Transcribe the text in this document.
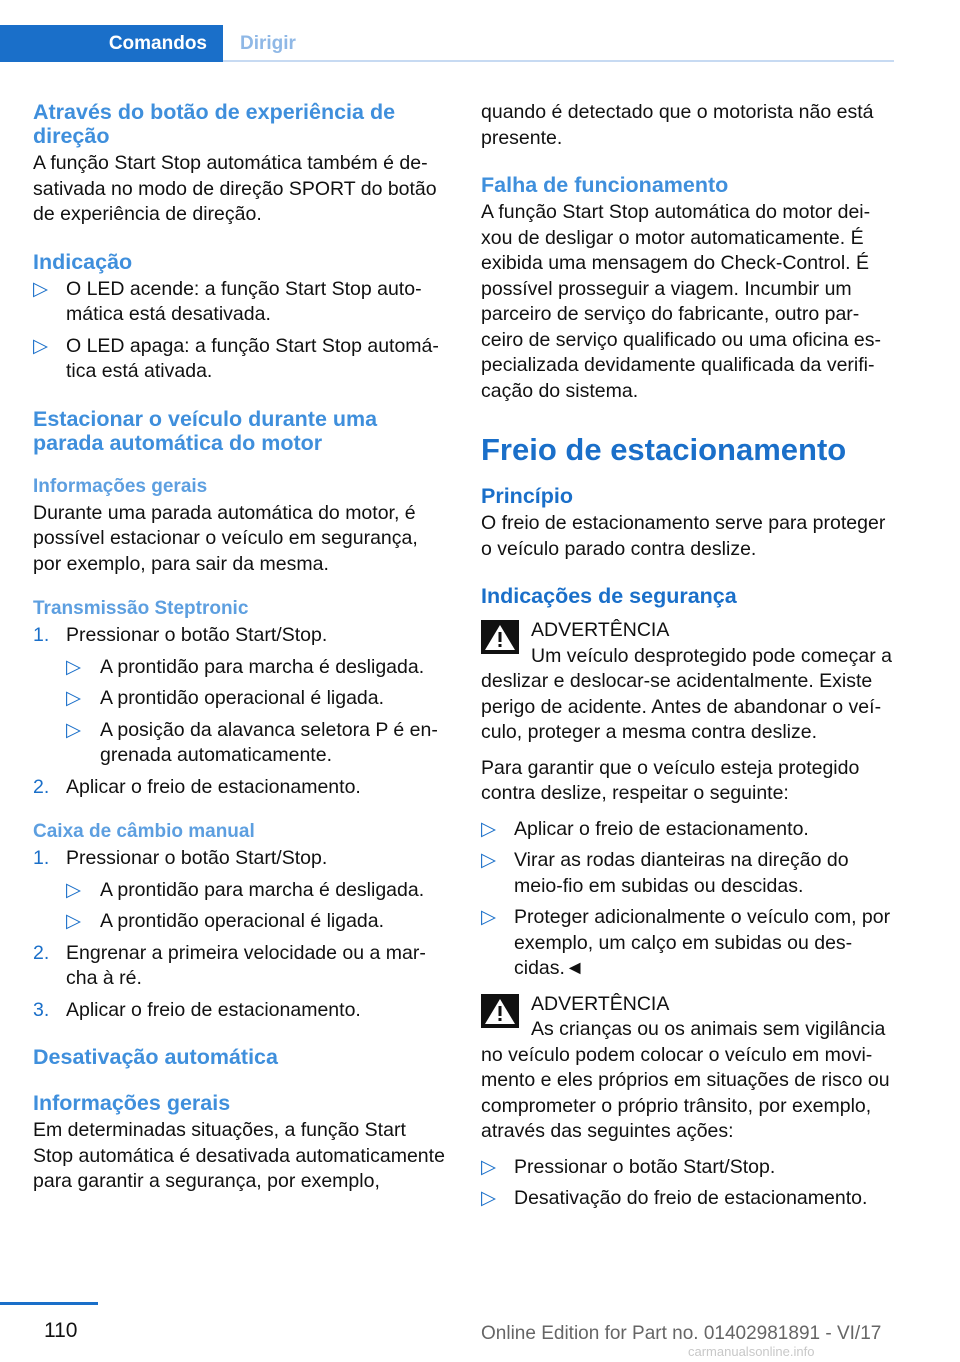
Comandos	Dirigir
Através do botão de experiência de direção

A função Start Stop automática também é desativada no modo de direção SPORT do botão de experiência de direção.

Indicação
▷ O LED acende: a função Start Stop automática está desativada.
▷ O LED apaga: a função Start Stop automática está ativada.
Estacionar o veículo durante uma parada automática do motor
Informações gerais

Durante uma parada automática do motor, é possível estacionar o veículo em segurança, por exemplo, para sair da mesma.

Transmissão Steptronic
1. Pressionar o botão Start/Stop.
▷ A prontidão para marcha é desligada.
▷ A prontidão operacional é ligada.
▷ A posição da alavanca seletora P é engrenada automaticamente.
2. Aplicar o freio de estacionamento.
Caixa de câmbio manual
1. Pressionar o botão Start/Stop.
▷ A prontidão para marcha é desligada.
▷ A prontidão operacional é ligada.
2. Engrenar a primeira velocidade ou a marcha à ré.
3. Aplicar o freio de estacionamento.
Desativação automática
Informações gerais

Em determinadas situações, a função Start Stop automática é desativada automaticamente para garantir a segurança, por exemplo,

quando é detectado que o motorista não está presente.

Falha de funcionamento

A função Start Stop automática do motor deixou de desligar o motor automaticamente. É exibida uma mensagem do Check-Control. É possível prosseguir a viagem. Incumbir um parceiro de serviço do fabricante, outro parceiro de serviço qualificado ou uma oficina especializada devidamente qualificada da verificação do sistema.

Freio de estacionamento
Princípio

O freio de estacionamento serve para proteger o veículo parado contra deslize.

Indicações de segurança
ADVERTÊNCIA

Um veículo desprotegido pode começar a deslizar e deslocar-se acidentalmente. Existe perigo de acidente. Antes de abandonar o veículo, proteger a mesma contra deslize.

Para garantir que o veículo esteja protegido contra deslize, respeitar o seguinte:

▷ Aplicar o freio de estacionamento.
▷ Virar as rodas dianteiras na direção do meio-fio em subidas ou descidas.
▷ Proteger adicionalmente o veículo com, por exemplo, um calço em subidas ou descidas.◄
ADVERTÊNCIA

As crianças ou os animais sem vigilância no veículo podem colocar o veículo em movimento e eles próprios em situações de risco ou comprometer o próprio trânsito, por exemplo, através das seguintes ações:

▷ Pressionar o botão Start/Stop.
▷ Desativação do freio de estacionamento.
110	Online Edition for Part no. 01402981891 - VI/17
carmanualsonline.info
